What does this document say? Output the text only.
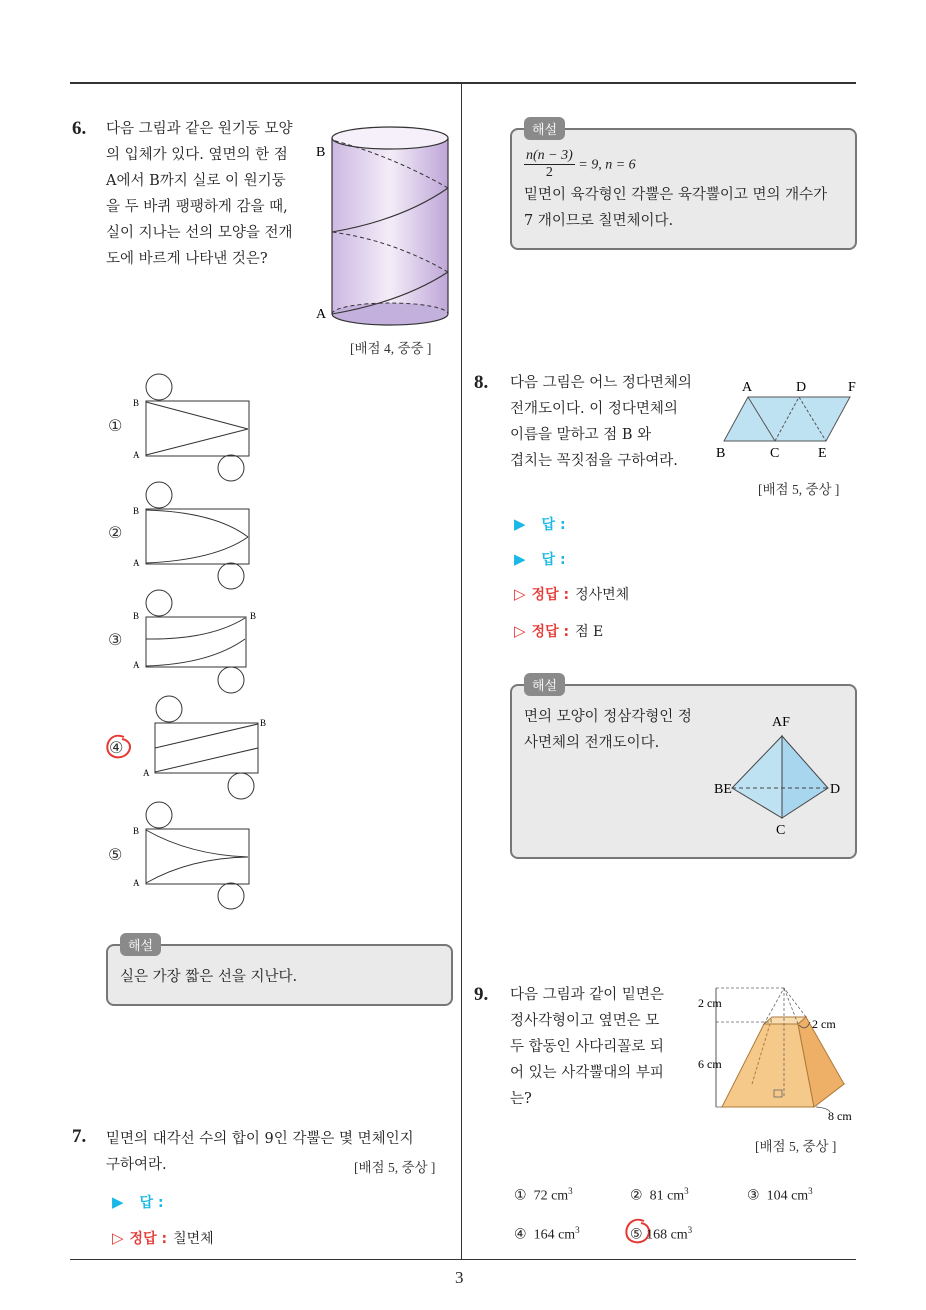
3
6. 다음 그림과 같은 원기둥 모양
의 입체가 있다. 옆면의 한 점
A에서 B까지 실로 이 원기둥
을 두 바퀴 팽팽하게 감을 때,
실이 지나는 선의 모양을 전개
도에 바르게 나타낸 것은?
B
A
[배점 4, 중중 ]
①
B
A
②
B
A
③
B	B
A
④
B
A
⑤
B
A
해설
실은 가장 짧은 선을 지난다.
7. 밑면의 대각선 수의 합이 9인 각뿔은 몇 면체인지
구하여라.	[배점 5, 중상 ]
▶ 답 :
▷ 정답 : 칠면체
해설
$\frac{n(n - 3)}{2} = 9$, n = 6
밑면이 육각형인 각뿔은 육각뿔이고 면의 개수가
7 개이므로 칠면체이다.
8. 다음 그림은 어느 정다면체의
전개도이다. 이 정다면체의
이름을 말하고 점 B 와
겹치는 꼭짓점을 구하여라.
A	D	F
B	C	E
[배점 5, 중상 ]
▶ 답 :
▶ 답 :
▷ 정답 : 정사면체
▷ 정답 : 점 E
해설
면의 모양이 정삼각형인 정
사면체의 전개도이다.
AF
BE	D
C
9. 다음 그림과 같이 밑면은
정사각형이고 옆면은 모
두 합동인 사다리꼴로 되
어 있는 사각뿔대의 부피
는?
2 cm
2 cm
6 cm
8 cm
[배점 5, 중상 ]
① 72 $cm^3$	② 81 $cm^3$	③ 104 $cm^3$
④ 164 $cm^3$	⑤ 168 $cm^3$
